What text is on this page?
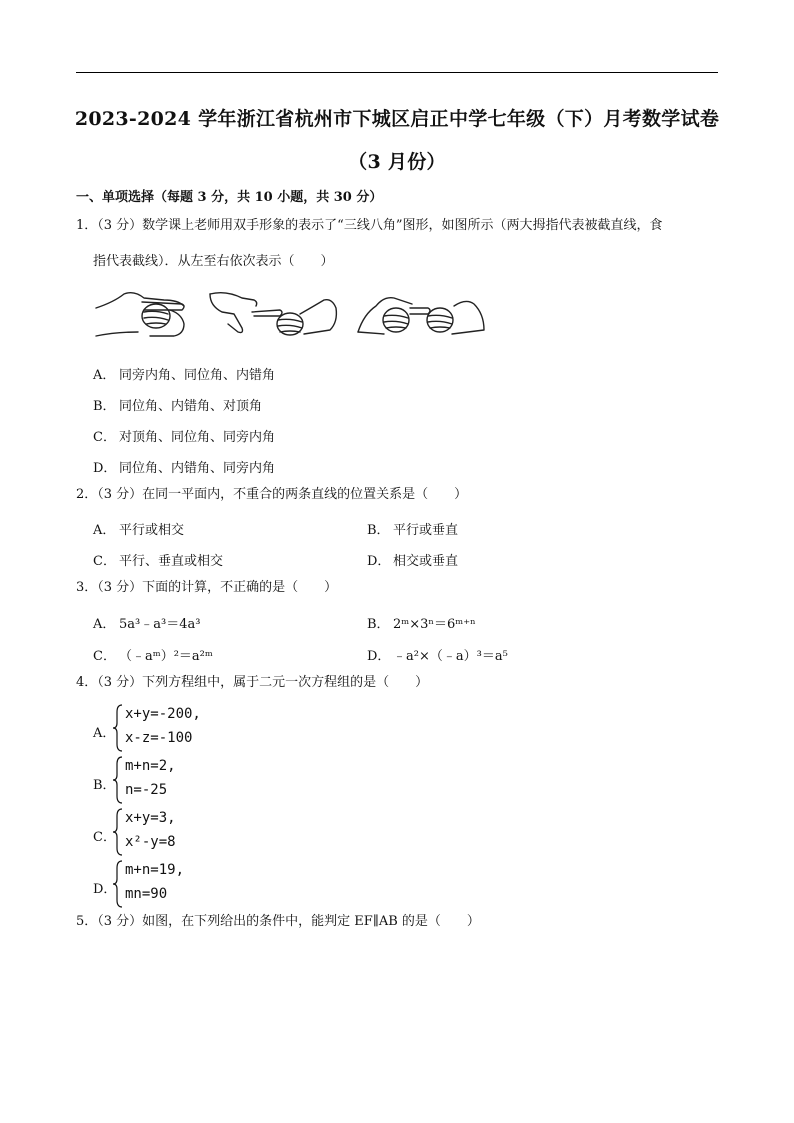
2023-2024 学年浙江省杭州市下城区启正中学七年级（下）月考数学试卷
（3 月份）
一、单项选择（每题 3 分，共 10 小题，共 30 分）
1．（3 分）数学课上老师用双手形象的表示了“三线八角”图形，如图所示（两大拇指代表被截直线，食
指代表截线）．从左至右依次表示（　　）
A． 同旁内角、同位角、内错角
B． 同位角、内错角、对顶角
C． 对顶角、同位角、同旁内角
D． 同位角、内错角、同旁内角
2．（3 分）在同一平面内，不重合的两条直线的位置关系是（　　）
A． 平行或相交	B． 平行或垂直
C． 平行、垂直或相交	D． 相交或垂直
3．（3 分）下面的计算，不正确的是（　　）
A． 5a³﹣a³＝4a³	B． 2ᵐ×3ⁿ＝6ᵐ⁺ⁿ
C． （﹣aᵐ）²＝a²ᵐ	D． ﹣a²×（﹣a）³＝a⁵
4．（3 分）下列方程组中，属于二元一次方程组的是（　　）
A．
x+y=-200,
x-z=-100
B．
m+n=2,
n=-25
C．
x+y=3,
x²-y=8
D．
m+n=19,
mn=90
5．（3 分）如图，在下列给出的条件中，能判定 EF∥AB 的是（　　）
